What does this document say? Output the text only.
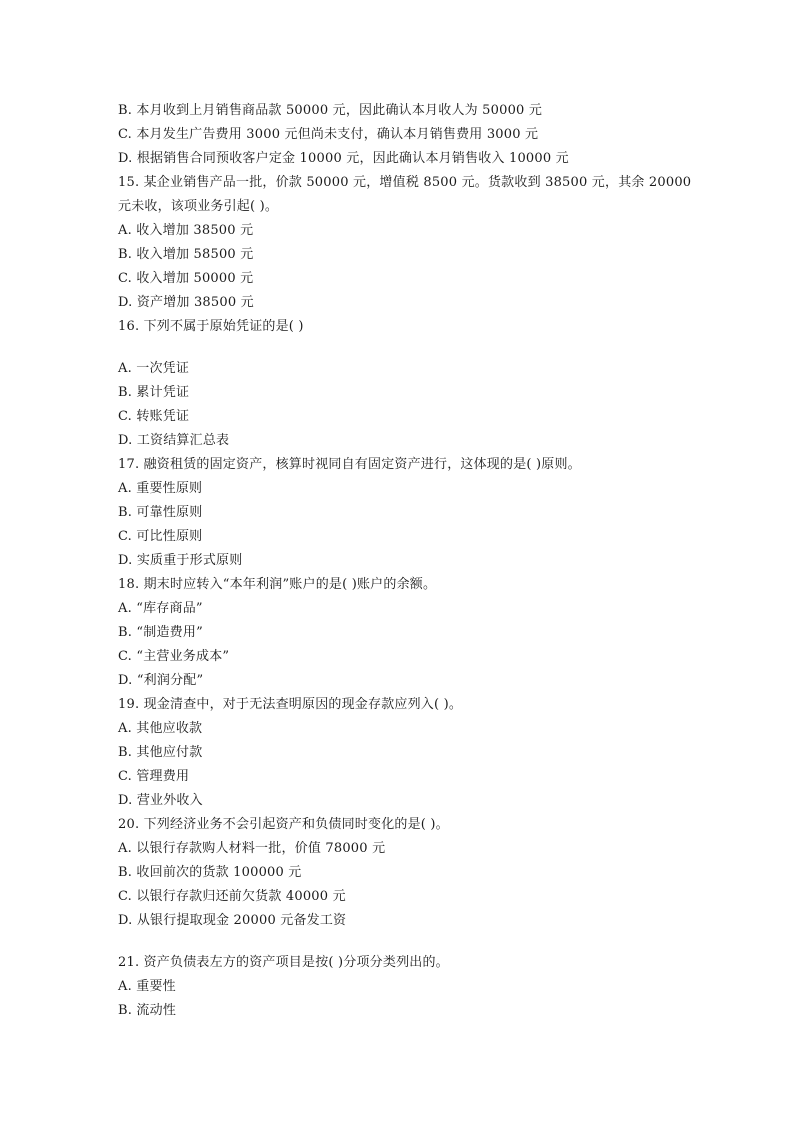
B. 本月收到上月销售商品款 50000 元，因此确认本月收人为 50000 元
C. 本月发生广告费用 3000 元但尚未支付，确认本月销售费用 3000 元
D. 根据销售合同预收客户定金 10000 元，因此确认本月销售收入 10000 元
15. 某企业销售产品一批，价款 50000 元，增值税 8500 元。货款收到 38500 元，其余 20000
元未收，该项业务引起( )。
A. 收入增加 38500 元
B. 收入增加 58500 元
C. 收入增加 50000 元
D. 资产增加 38500 元
16. 下列不属于原始凭证的是( )
A. 一次凭证
B. 累计凭证
C. 转账凭证
D. 工资结算汇总表
17. 融资租赁的固定资产，核算时视同自有固定资产进行，这体现的是( )原则。
A. 重要性原则
B. 可靠性原则
C. 可比性原则
D. 实质重于形式原则
18. 期末时应转入“本年利润”账户的是( )账户的余额。
A. “库存商品”
B. “制造费用”
C. “主营业务成本”
D. “利润分配”
19. 现金清查中，对于无法查明原因的现金存款应列入( )。
A. 其他应收款
B. 其他应付款
C. 管理费用
D. 营业外收入
20. 下列经济业务不会引起资产和负债同时变化的是( )。
A. 以银行存款购人材料一批，价值 78000 元
B. 收回前次的货款 100000 元
C. 以银行存款归还前欠货款 40000 元
D. 从银行提取现金 20000 元备发工资
21. 资产负债表左方的资产项目是按( )分项分类列出的。
A. 重要性
B. 流动性
